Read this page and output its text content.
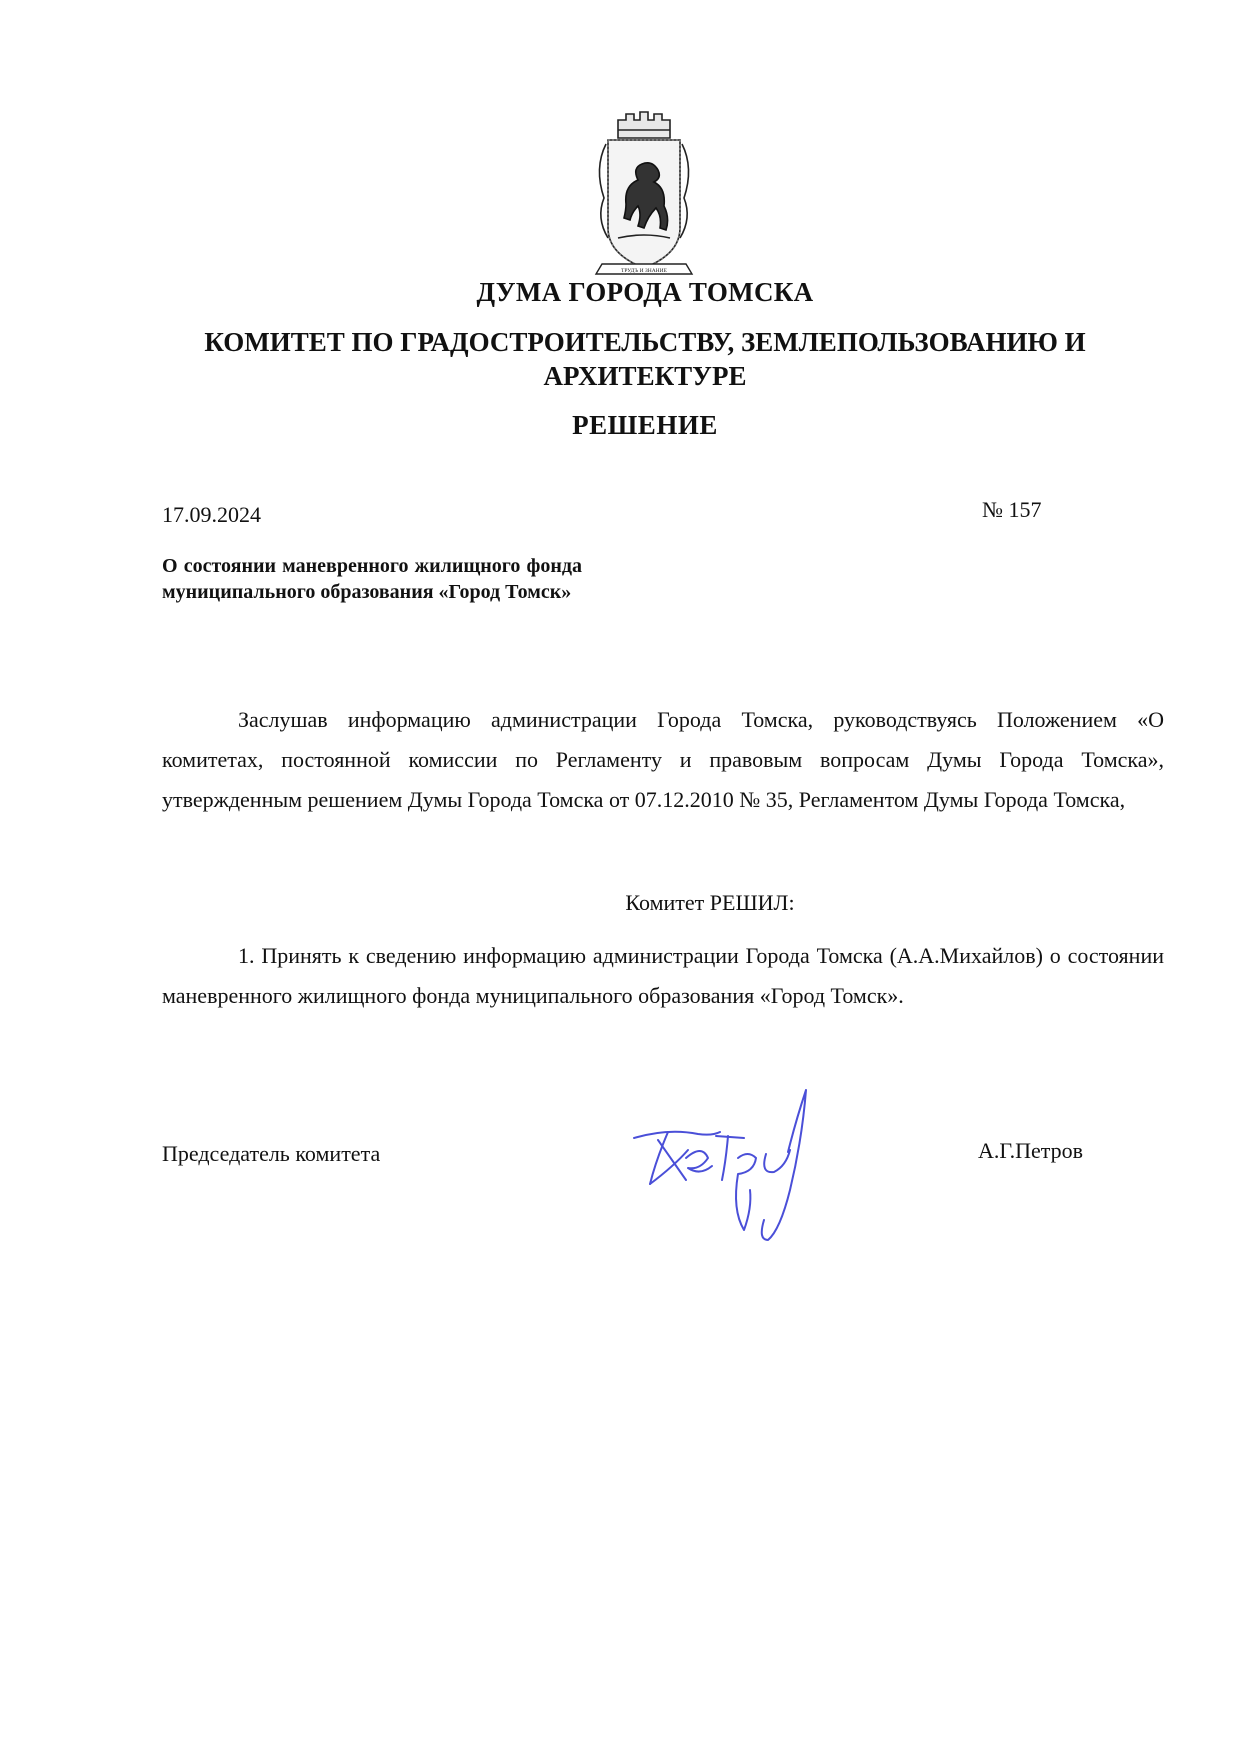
ТРУДЪ И ЗНАНИЕ
ДУМА ГОРОДА ТОМСКА
КОМИТЕТ ПО ГРАДОСТРОИТЕЛЬСТВУ, ЗЕМЛЕПОЛЬЗОВАНИЮ И АРХИТЕКТУРЕ
РЕШЕНИЕ
17.09.2024	№ 157
О состоянии маневренного жилищного фонда муниципального образования «Город Томск»
Заслушав информацию администрации Города Томска, руководствуясь Положением «О комитетах, постоянной комиссии по Регламенту и правовым вопросам Думы Города Томска», утвержденным решением Думы Города Томска от 07.12.2010 № 35, Регламентом Думы Города Томска,
Комитет РЕШИЛ:
1. Принять к сведению информацию администрации Города Томска (А.А.Михайлов) о состоянии маневренного жилищного фонда муниципального образования «Город Томск».
Председатель комитета	А.Г.Петров
